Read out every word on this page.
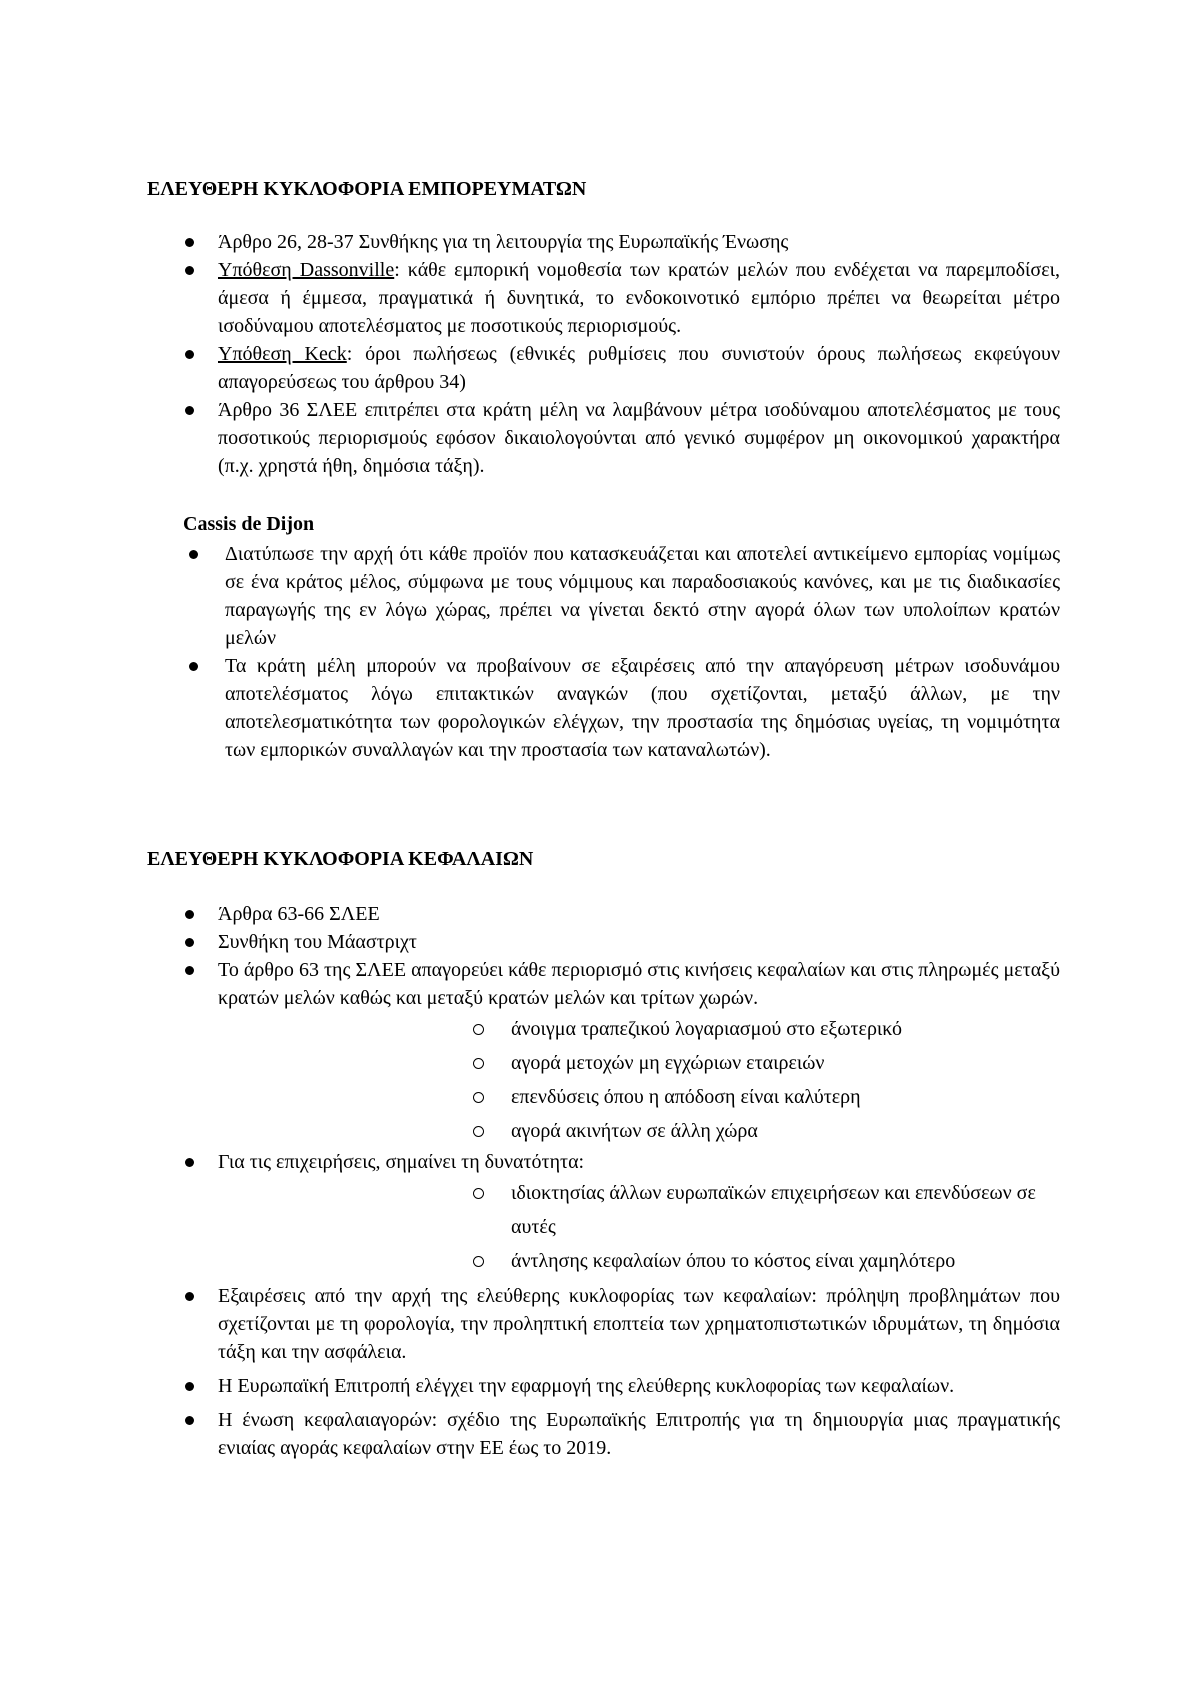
ΕΛΕΥΘΕΡΗ ΚΥΚΛΟΦΟΡΙΑ ΕΜΠΟΡΕΥΜΑΤΩΝ
Άρθρο 26, 28-37 Συνθήκης για τη λειτουργία της Ευρωπαϊκής Ένωσης
Υπόθεση Dassonville: κάθε εμπορική νομοθεσία των κρατών μελών που ενδέχεται να παρεμποδίσει, άμεσα ή έμμεσα, πραγματικά ή δυνητικά, το ενδοκοινοτικό εμπόριο πρέπει να θεωρείται μέτρο ισοδύναμου αποτελέσματος με ποσοτικούς περιορισμούς.
Υπόθεση Keck: όροι πωλήσεως (εθνικές ρυθμίσεις που συνιστούν όρους πωλήσεως εκφεύγουν απαγορεύσεως του άρθρου 34)
Άρθρο 36 ΣΛΕΕ επιτρέπει στα κράτη μέλη να λαμβάνουν μέτρα ισοδύναμου αποτελέσματος με τους ποσοτικούς περιορισμούς εφόσον δικαιολογούνται από γενικό συμφέρον μη οικονομικού χαρακτήρα (π.χ. χρηστά ήθη, δημόσια τάξη).
Cassis de Dijon
Διατύπωσε την αρχή ότι κάθε προϊόν που κατασκευάζεται και αποτελεί αντικείμενο εμπορίας νομίμως σε ένα κράτος μέλος, σύμφωνα με τους νόμιμους και παραδοσιακούς κανόνες, και με τις διαδικασίες παραγωγής της εν λόγω χώρας, πρέπει να γίνεται δεκτό στην αγορά όλων των υπολοίπων κρατών μελών
Τα κράτη μέλη μπορούν να προβαίνουν σε εξαιρέσεις από την απαγόρευση μέτρων ισοδυνάμου αποτελέσματος λόγω επιτακτικών αναγκών (που σχετίζονται, μεταξύ άλλων, με την αποτελεσματικότητα των φορολογικών ελέγχων, την προστασία της δημόσιας υγείας, τη νομιμότητα των εμπορικών συναλλαγών και την προστασία των καταναλωτών).
ΕΛΕΥΘΕΡΗ ΚΥΚΛΟΦΟΡΙΑ ΚΕΦΑΛΑΙΩΝ
Άρθρα 63-66 ΣΛΕΕ
Συνθήκη του Μάαστριχτ
Το άρθρο 63 της ΣΛΕΕ απαγορεύει κάθε περιορισμό στις κινήσεις κεφαλαίων και στις πληρωμές μεταξύ κρατών μελών καθώς και μεταξύ κρατών μελών και τρίτων χωρών.
άνοιγμα τραπεζικού λογαριασμού στο εξωτερικό
αγορά μετοχών μη εγχώριων εταιρειών
επενδύσεις όπου η απόδοση είναι καλύτερη
αγορά ακινήτων σε άλλη χώρα
Για τις επιχειρήσεις, σημαίνει τη δυνατότητα:
ιδιοκτησίας άλλων ευρωπαϊκών επιχειρήσεων και επενδύσεων σε αυτές
άντλησης κεφαλαίων όπου το κόστος είναι χαμηλότερο
Εξαιρέσεις από την αρχή της ελεύθερης κυκλοφορίας των κεφαλαίων: πρόληψη προβλημάτων που σχετίζονται με τη φορολογία, την προληπτική εποπτεία των χρηματοπιστωτικών ιδρυμάτων, τη δημόσια τάξη και την ασφάλεια.
Η Ευρωπαϊκή Επιτροπή ελέγχει την εφαρμογή της ελεύθερης κυκλοφορίας των κεφαλαίων.
Η ένωση κεφαλαιαγορών: σχέδιο της Ευρωπαϊκής Επιτροπής για τη δημιουργία μιας πραγματικής ενιαίας αγοράς κεφαλαίων στην ΕΕ έως το 2019.
